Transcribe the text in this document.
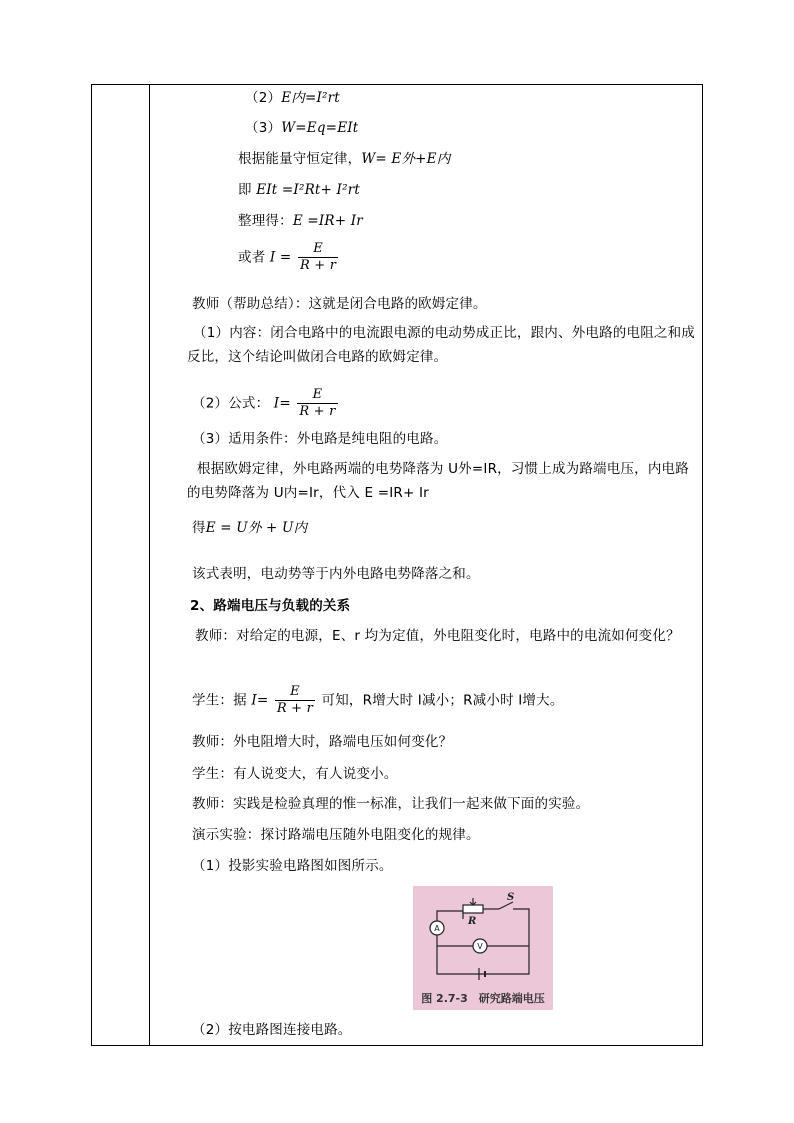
（2）E内=I²rt
（3）W=Eq=EIt
根据能量守恒定律，W= E外+E内
即 EIt =I²Rt+ I²rt
整理得：E =IR+ Ir
或者 $I = \frac{E}{R + r}$
教师（帮助总结）：这就是闭合电路的欧姆定律。
（1）内容：闭合电路中的电流跟电源的电动势成正比，跟内、外电路的电阻之和成反比，这个结论叫做闭合电路的欧姆定律。
（2）公式： $I= \frac{E}{R + r}$
（3）适用条件：外电路是纯电阻的电路。
根据欧姆定律，外电路两端的电势降落为 U外=IR，习惯上成为路端电压，内电路的电势降落为 U内=Ir，代入 E =IR+ Ir
得E = U外 + U内
该式表明，电动势等于内外电路电势降落之和。
2、路端电压与负载的关系
教师：对给定的电源，E、r 均为定值，外电阻变化时，电路中的电流如何变化？
学生：据 $I= \frac{E}{R + r}$ 可知，R增大时 I减小；R减小时 I增大。
教师：外电阻增大时，路端电压如何变化？
学生：有人说变大，有人说变小。
教师：实践是检验真理的惟一标准，让我们一起来做下面的实验。
演示实验：探讨路端电压随外电阻变化的规律。
（1）投影实验电路图如图所示。
A
V
S
R
图 2.7-3　研究路端电压
（2）按电路图连接电路。
